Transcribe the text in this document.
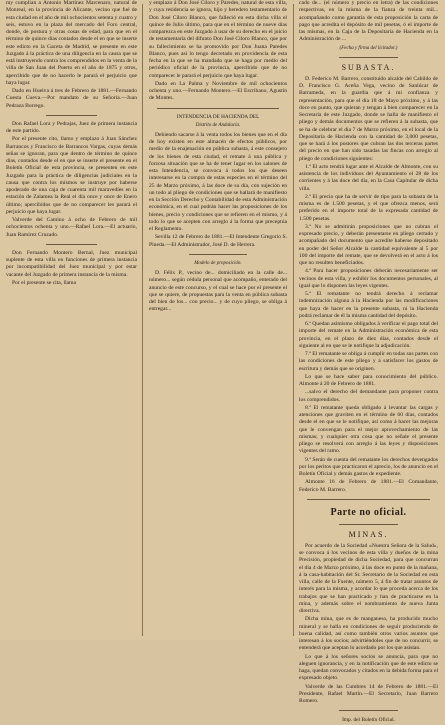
my cumplian a Antonio Martínez Marcenaro, natural de Monreal, en la provincia de Alicante, vecino que fué de esta ciudad en el año de mil ochocientos setenta y cuatro y seis, estuvo en la plaza del mercado del Foro central, donde, de postura y otras cosas de edad, para que en el término de quince días contados desde el en que se inserte este edicto en la Gaceta de Madrid, se presente en este Juzgado á la práctica de una diligencia en la causa que se está instruyendo contra los comprendidos en la venta de la villa de San Juan del Puerto en el año de 1875 y otros, apercibido que de no hacerlo le parará el perjuicio que haya lugar.

Dado en Huelva á tres de Febrero de 1881.—Fernando Cuesta Cueva.—Por mandato de su Señoría.—Juan Pedraza Borrego.

Don Rafael Lora y Pedrajas, Juez de primera instancia de este partido.

Por el presente cito, llamo y emplazo á Juan Sánchez Barrancos y Francisco de Barrancos Vargas, cuyas demás señas se ignoran, para que dentro de término de quince días, contados desde el en que se inserte el presente en el Boletín Oficial de esta provincia, se presenten en este Juzgado para la práctica de diligencias judiciales en la causa que contra los mismos se instruye por haberse apoderado de una caja de cuarenta mil maravedíes en la estación de Zalamea la Real el día once y once de Enero último; apercibidos que de no comparecer les parará el perjuicio que haya lugar.

Valverde del Camino á ocho de Febrero de mil ochocientos ochenta y uno.—Rafael Lora.—El actuario, Juan Ramírez Cruzado.

Don Fernando Montero Bernal, Juez municipal suplente de esta villa en funciones de primera instancia por incompatibilidad del Juez municipal y por estar vacante del Juzgado de primera instancia de la misma.

Por el presente se cita, llama

y emplazo á Don José Ciloro y Paredes, natural de esta villa, y cuya residencia se ignora, hijo y heredero testamentario de Don José Ciloro Blanco, que falleció en esta dicha villa el quince de Julio último, para que en el término de nueve días comparezca en este Juzgado á usar de su derecho en el juicio de testamentaría del difunto Don José Ciloro Blanco, que por su fallecimiento se ha promovido por Don Juana Paredes Blanco, pues así lo tengo decretado en providencia de esta fecha en la que se ha mandado que se haga por medio del periódico oficial de la provincia, apercibido que de no comparecer le parará el perjuicio que haya lugar.

Dado en La Palma y Noviembre de mil ochocientos ochenta y uno.—Fernando Montero.—El Escribano, Agustín de Montes.

INTENDENCIA DE HACIENDA DEL
Distrito de Andalucía.

Debiendo sacarse á la venta todos los bienes que en el día de hoy existen en este almacén de efectos públicos, por medio de la enajenación en pública subasta, á este consejero de los bienes de esta ciudad, el remate á una pública y forzosa situación que se ha de tener lugar en los salones de esta Intendencia, se convoca á todos los que deseen interesarse en la compra de estas especies en el término del 25 de Marzo próximo, á las doce de su día, con sujeción en un todo al pliego de condiciones que se hallará de manifiesto en la Sección Derecho y Contabilidad de esta Administración económica, en el cual podrán hacer las proposiciones de los bienes, precio y condiciones que se refieren en el mismo, y á todo lo que se acepten con arreglo á la forma que preceptúa el Reglamento.

Sevilla 12 de Febrero de 1881.—El Intendente Gregorio S. Pineda.—El Administrador, José D. de Herrera.

Modelo de proposición.

D. Félix P., vecino de... domiciliado en la calle de... número... según cédula personal que acompaño, enterado del anuncio de este concurso, y el cual se hace por el presente el que se quiere, de propuestas para la venta en pública subasta del bien de los... con precio... y de cuyo pliego, se obliga á entregar...

cado de... (el número y precio en letra) de las condiciones respectivas, en la misma de la fianza de treinta mil... acompañando como garantía de esta proposición la carta de pago que acredita el depósito de mil pesetas, ó el importe de las mismas, en la Caja de la Depositaría de Hacienda en la Administración de ...

(Fecha y firma del licitador.)
SUBASTA.

D. Federico M. Barrero, constituido alcalde del Cabildo de D. Francisco G. Aceña Vega, vecino de Sanlúcar de Barrameda, en la guardia que á mi confianza y representación, para que el día 18 de Mayo próximo, y á las doce en punto, que quieran y tengan á bien comparecer en la Secretaría de este Juzgado, donde se halla de manifiesto el pliego y demás documentos que se refieren á la subasta, que se ha de celebrar el día 7 de Marzo próximo, en el local de la Depositaría de Hacienda con la cantidad de 3,000 pesetas, que se hará á los postores que cubran las dos terceras partes del precio en que han sido tasadas las fincas con arreglo al pliego de condiciones siguientes:

1.ª El acto tendrá lugar ante el Alcalde de Almonte, con su asistencia de los individuos del Ayuntamiento el 28 de los corrientes y á las doce del día, en la Casa Capitular de dicha villa.

2.ª El precio que ha de servir de tipo para la subasta de la misma es de 1.500 pesetas, y el que ofrezca menos, será preferido en el importe total de la expresada cantidad de 1.500 pesetas.

3.ª No se admitirán proposiciones que no cubran el expresado precio, y deberán presentarse en pliego cerrado y acompañado del documento que acredite haberse depositado en poder del Señor Alcalde la cantidad equivalente al 5 por 100 del importe del remate, que se devolverá en el acto á los que no resulten beneficiados.

4.ª Para hacer proposiciones deberán necesariamente ser vecinos de esta villa, y exhibir los documentos personales, al igual que lo disponen las leyes vigentes.

5.ª El rematante no tendrá derecho á reclamar indemnización alguna á la Hacienda por las modificaciones que haya de hacer en la presente subasta, ni la Hacienda podrá reclamar de él la misma cantidad del depósito.

6.ª Quedan asimismo obligados á verificar el pago total del importe del remate en la Administración económica de esta provincia, en el plazo de diez días, contados desde el siguiente al en que se le notifique la adjudicación.

7.ª El rematante se obliga á cumplir en todas sus partes con las condiciones de este pliego y á satisfacer los gastos de escritura y demás que se originen.

Lo que se hace saber para conocimiento del público. Almonte á 20 de Febrero de 1881.

...salvo el derecho del demandante para proponer contra los comprendidos.

8.ª El rematante queda obligado á levantar las cargas y atenciones que graviten en el término de 60 días, contados desde el en que se le notifique, así como á hacer las mejoras que le convengan para el mejor aprovechamiento de las mismas; y cualquier otra cosa que no señale el presente pliego se resolverá con arreglo á las leyes y disposiciones vigentes del ramo.

9.ª Serán de cuenta del rematante los derechos devengados por los peritos que practicaron el aprecio, los de anuncio en el Boletín Oficial y demás gastos de expediente.

Almonte 16 de Febrero de 1881.—El Comandante, Federico M. Barrero.

Parte no oficial.
MINAS.

Por acuerdo de la Sociedad «Nuestra Señora de la Salud», se convoca á los vecinos de esta villa y dueños de la mina Precisión, propiedad de dicha Sociedad, para que concurran el día 4 de Marzo próximo, á las doce en punto de la mañana, á la casa-habitación del Sr. Secretario de la Sociedad en esta villa, calle de la Fuente, número 5, á fin de tratar asuntos de interés para la misma, y acordar lo que proceda acerca de los trabajos que se han practicado y han de practicarse en la mina, y además sobre el nombramiento de nueva Junta directiva.

Dicha mina, que es de manganeso, ha producido mucho mineral y se halla en condiciones de seguir produciendo de buena calidad, así como también otros varios asuntos que interesan á los socios; advirtiéndoles que de no concurrir, se entenderá que aceptan lo acordado por los que asistan.

Lo que á los señores socios se anuncia, para que no aleguen ignorancia, y en la notificación que de este edicto se haga, quedan convocados y citados en la debida forma para el expresado objeto.

Valverde de las Cumbres 14 de Febrero de 1881.—El Presidente, Rafael Martín.—El Secretario, Juan Barrero Romero.

Imp. del Boletín Oficial.
